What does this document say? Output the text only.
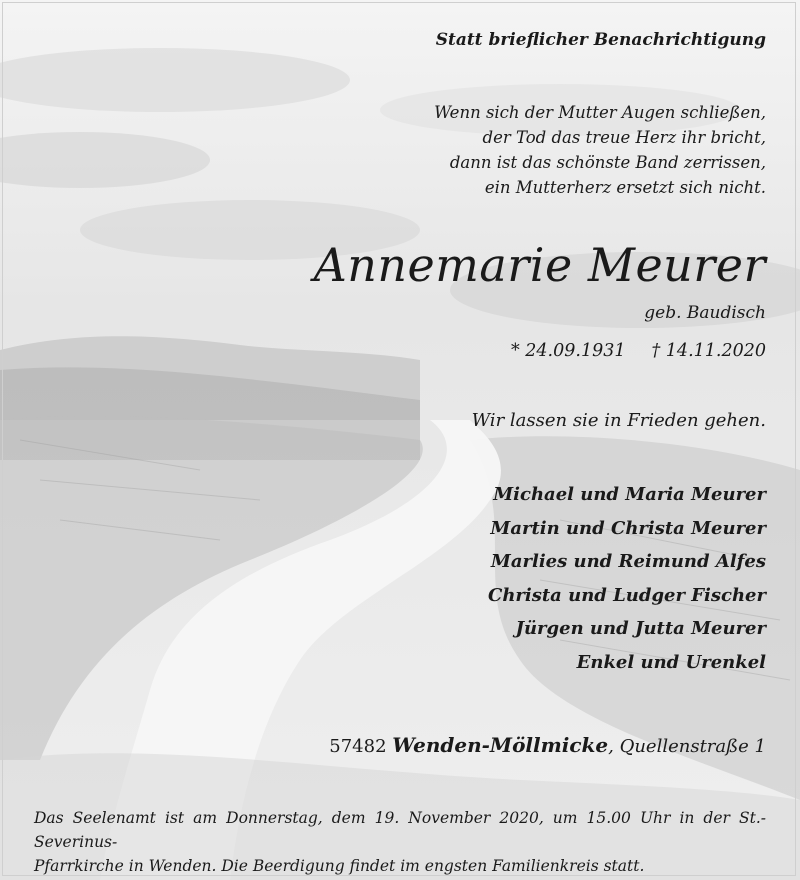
Statt brieflicher Benachrichtigung
Wenn sich der Mutter Augen schließen,
der Tod das treue Herz ihr bricht,
dann ist das schönste Band zerrissen,
ein Mutterherz ersetzt sich nicht.
Annemarie Meurer
geb. Baudisch
* 24.09.1931 † 14.11.2020
Wir lassen sie in Frieden gehen.
Michael und Maria Meurer
Martin und Christa Meurer
Marlies und Reimund Alfes
Christa und Ludger Fischer
Jürgen und Jutta Meurer
Enkel und Urenkel
57482 Wenden-Möllmicke, Quellenstraße 1
Das Seelenamt ist am Donnerstag, dem 19. November 2020, um 15.00 Uhr in der St.-Severinus-
Pfarrkirche in Wenden. Die Beerdigung findet im engsten Familienkreis statt.
